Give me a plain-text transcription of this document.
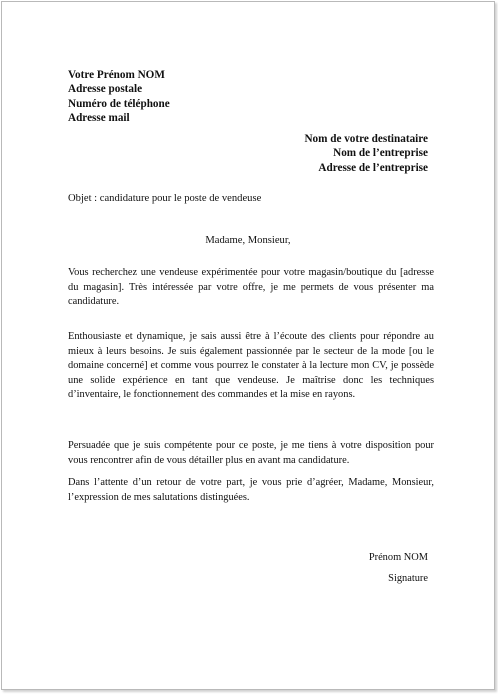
Votre Prénom NOM
Adresse postale
Numéro de téléphone
Adresse mail
Nom de votre destinataire
Nom de l’entreprise
Adresse de l’entreprise
Objet : candidature pour le poste de vendeuse
Madame, Monsieur,

Vous recherchez une vendeuse expérimentée pour votre magasin/boutique du [adresse du magasin]. Très intéressée par votre offre, je me permets de vous présenter ma candidature.

Enthousiaste et dynamique, je sais aussi être à l’écoute des clients pour répondre au mieux à leurs besoins. Je suis également passionnée par le secteur de la mode [ou le domaine concerné] et comme vous pourrez le constater à la lecture mon CV, je possède une solide expérience en tant que vendeuse. Je maîtrise donc les techniques d’inventaire, le fonctionnement des commandes et la mise en rayons.

Persuadée que je suis compétente pour ce poste, je me tiens à votre disposition pour vous rencontrer afin de vous détailler plus en avant ma candidature.

Dans l’attente d’un retour de votre part, je vous prie d’agréer, Madame, Monsieur, l’expression de mes salutations distinguées.

Prénom NOM
Signature
